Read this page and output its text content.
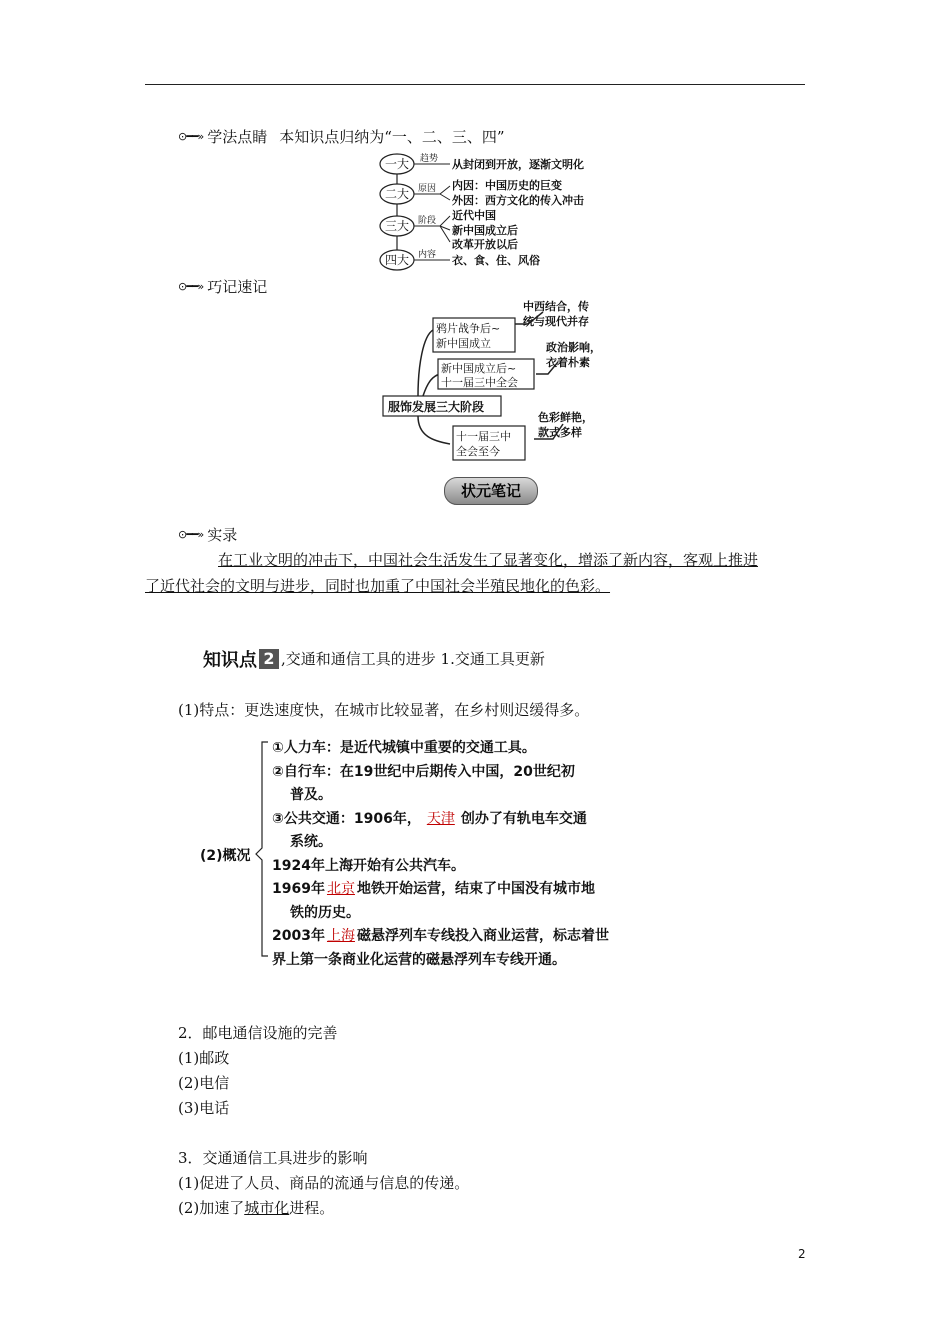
⊙━━» 学法点睛 本知识点归纳为“一、二、三、四”
一大
二大
三大
四大
趋势
原因
阶段
内容
从封闭到开放，逐渐文明化
内因：中国历史的巨变
外因：西方文化的传入冲击
近代中国
新中国成立后
改革开放以后
衣、食、住、风俗
⊙━━» 巧记速记
服饰发展三大阶段
鸦片战争后~
新中国成立
新中国成立后~
十一届三中全会
十一届三中
全会至今
中西结合，传
统与现代并存
政治影响，
衣着朴素
色彩鲜艳，
款式多样
状元笔记
⊙━━» 实录
在工业文明的冲击下，中国社会生活发生了显著变化，增添了新内容，客观上推进
了近代社会的文明与进步，同时也加重了中国社会半殖民地化的色彩。
知识点 2 ,交通和通信工具的进步 1.交通工具更新
(1)特点：更迭速度快，在城市比较显著，在乡村则迟缓得多。
(2)概况
①人力车：是近代城镇中重要的交通工具。
②自行车：在19世纪中后期传入中国，20世纪初
普及。
③公共交通：1906年， 天津 创办了有轨电车交通
系统。
1924年上海开始有公共汽车。
1969年 北京 地铁开始运营，结束了中国没有城市地
铁的历史。
2003年 上海 磁悬浮列车专线投入商业运营，标志着世
界上第一条商业化运营的磁悬浮列车专线开通。
2．邮电通信设施的完善
(1)邮政
(2)电信
(3)电话
3．交通通信工具进步的影响
(1)促进了人员、商品的流通与信息的传递。
(2)加速了城市化进程。
2
